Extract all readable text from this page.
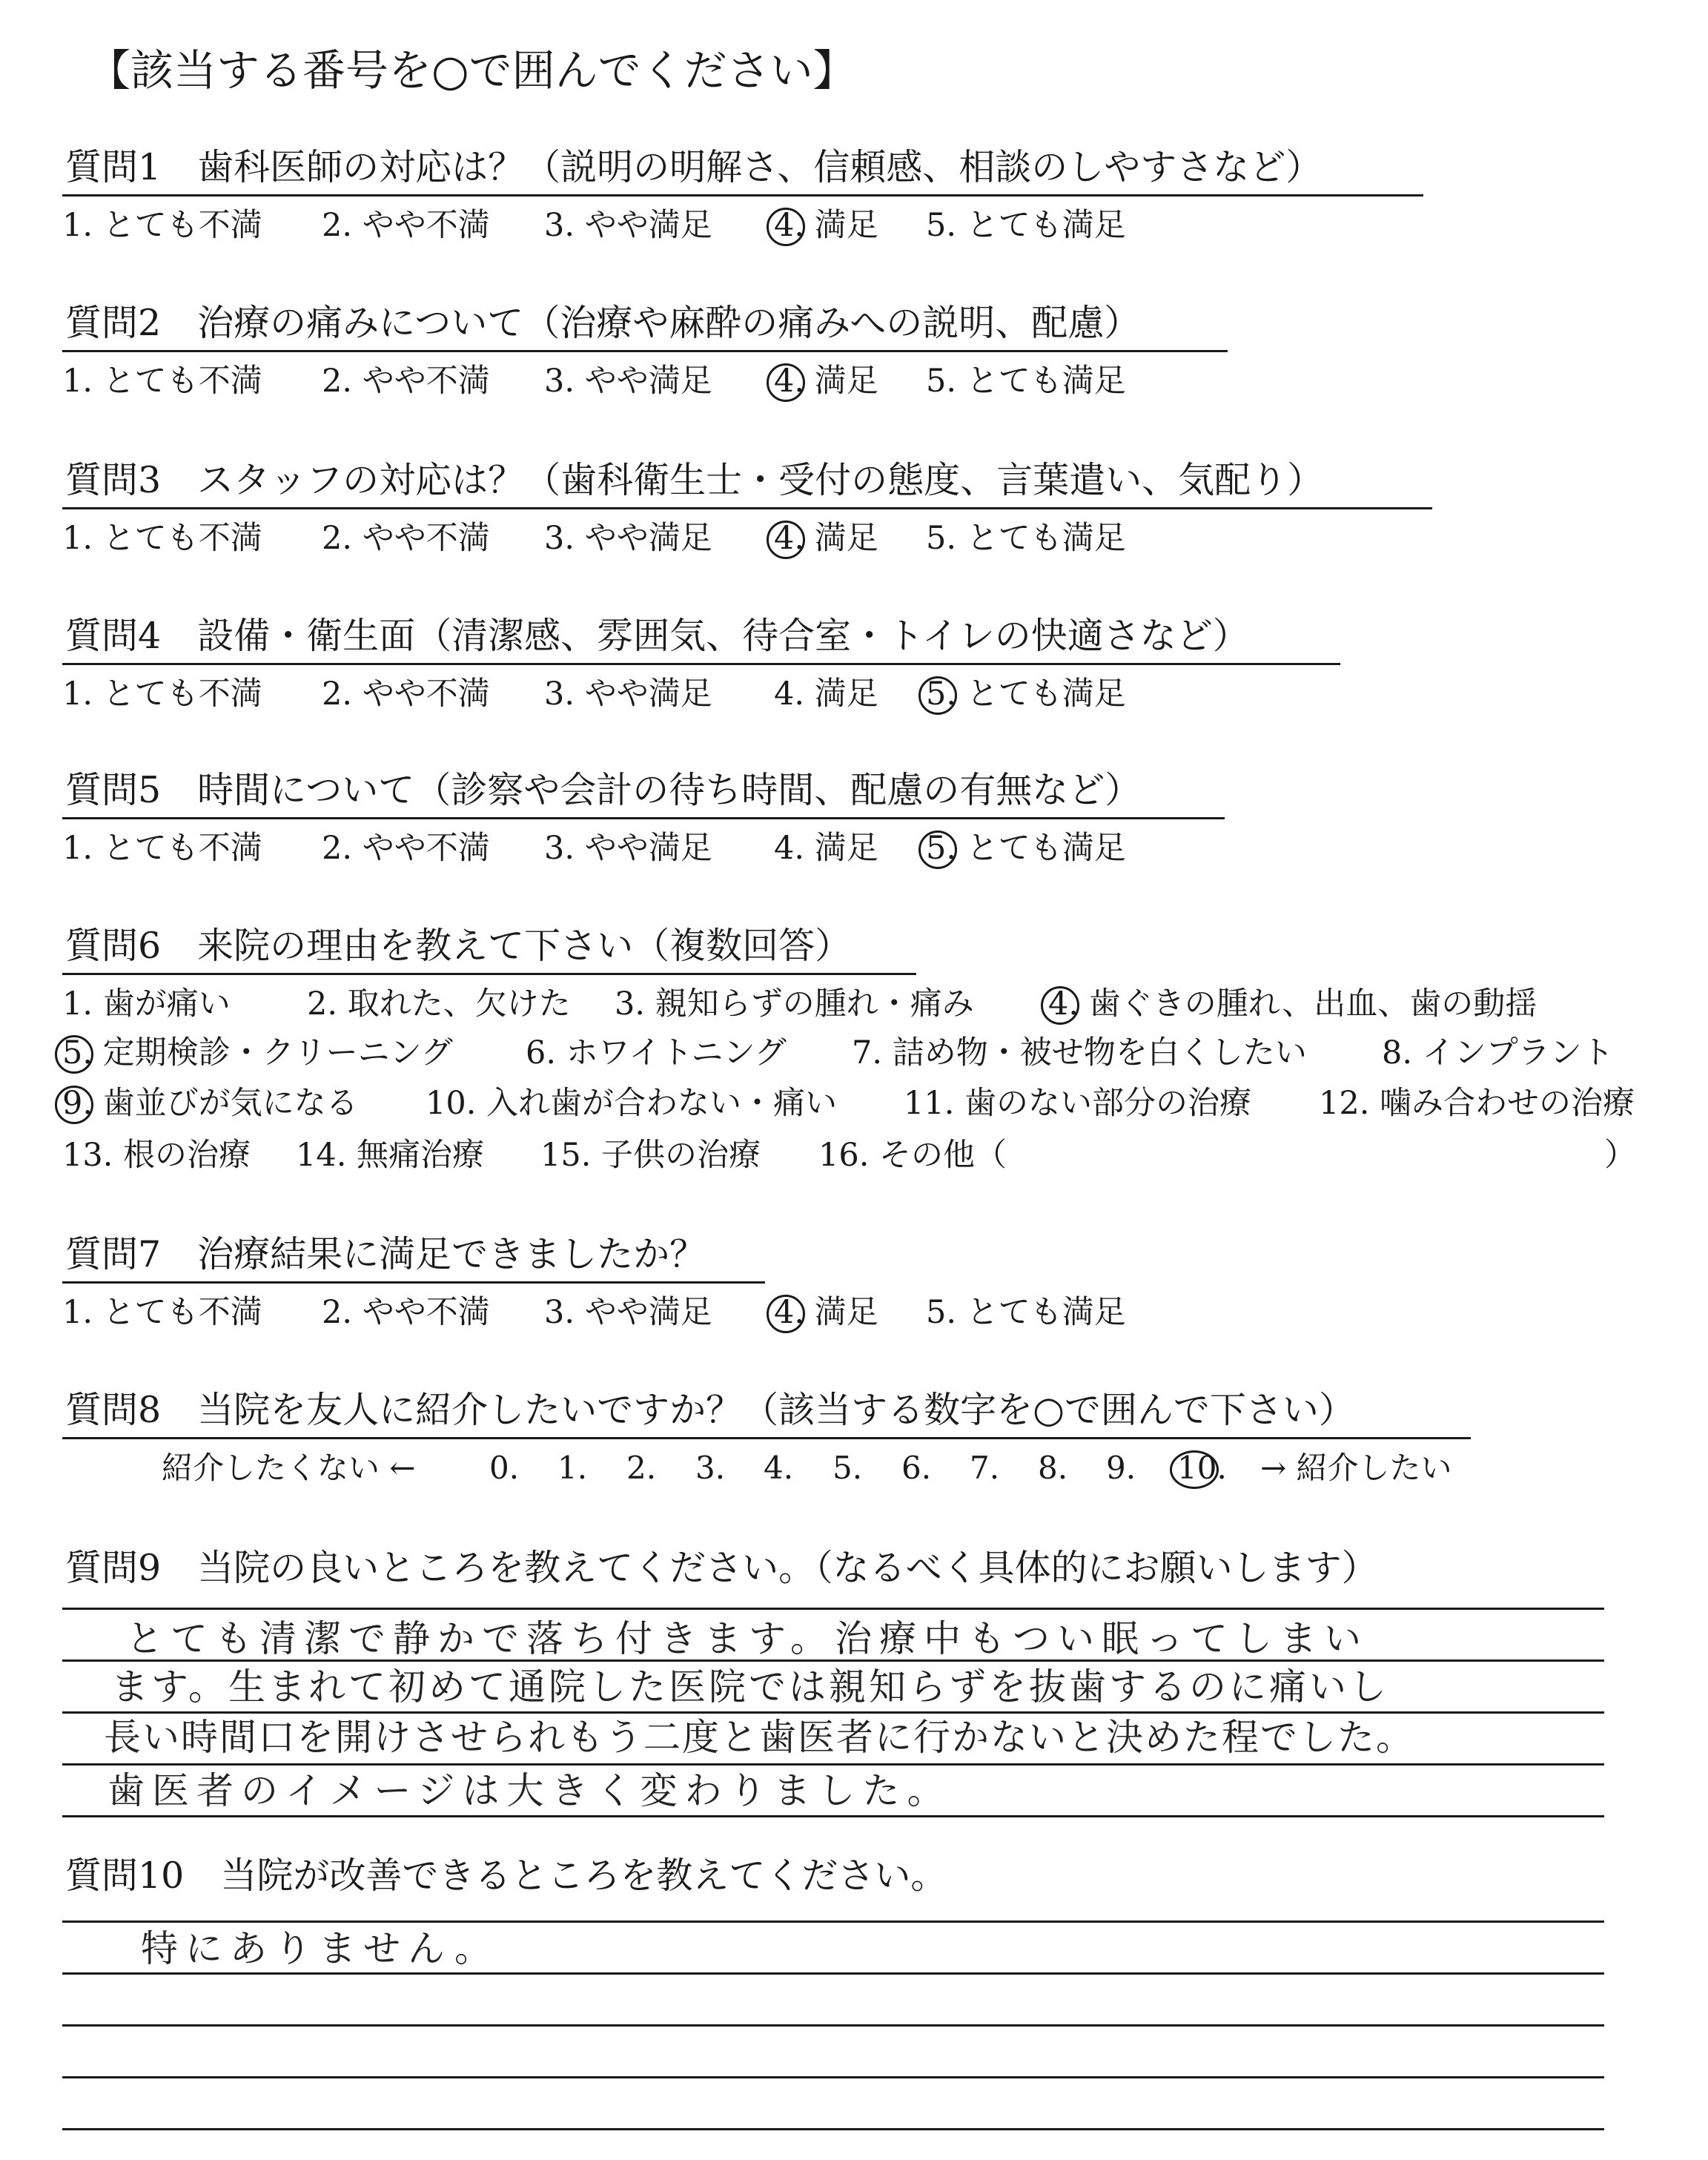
【該当する番号を○で囲んでください】
質問1　歯科医師の対応は？（説明の明解さ、信頼感、相談のしやすさなど）
1. とても不満 2. やや不満 3. やや満足 4. 満足 5. とても満足
質問2　治療の痛みについて（治療や麻酔の痛みへの説明、配慮）
1. とても不満 2. やや不満 3. やや満足 4. 満足 5. とても満足
質問3　スタッフの対応は？（歯科衛生士・受付の態度、言葉遣い、気配り）
1. とても不満 2. やや不満 3. やや満足 4. 満足 5. とても満足
質問4　設備・衛生面（清潔感、雰囲気、待合室・トイレの快適さなど）
1. とても不満 2. やや不満 3. やや満足 4. 満足 5. とても満足
質問5　時間について（診察や会計の待ち時間、配慮の有無など）
1. とても不満 2. やや不満 3. やや満足 4. 満足 5. とても満足
質問6　来院の理由を教えて下さい（複数回答）
1. 歯が痛い 2. 取れた、欠けた 3. 親知らずの腫れ・痛み 4. 歯ぐきの腫れ、出血、歯の動揺
5. 定期検診・クリーニング 6. ホワイトニング 7. 詰め物・被せ物を白くしたい 8. インプラント
9. 歯並びが気になる 10. 入れ歯が合わない・痛い 11. 歯のない部分の治療 12. 噛み合わせの治療
13. 根の治療 14. 無痛治療 15. 子供の治療 16. その他（	）
質問7　治療結果に満足できましたか？
1. とても不満 2. やや不満 3. やや満足 4. 満足 5. とても満足
質問8　当院を友人に紹介したいですか？（該当する数字を○で囲んで下さい）
紹介したくない ← 0. 1. 2. 3. 4. 5. 6. 7. 8. 9. 10. → 紹介したい
質問9　当院の良いところを教えてください。（なるべく具体的にお願いします）
とても清潔で静かで落ち付きます。治療中もつい眠ってしまい
ます。生まれて初めて通院した医院では親知らずを抜歯するのに痛いし
長い時間口を開けさせられもう二度と歯医者に行かないと決めた程でした。
歯医者のイメージは大きく変わりました。
質問10　当院が改善できるところを教えてください。
特にありません。
